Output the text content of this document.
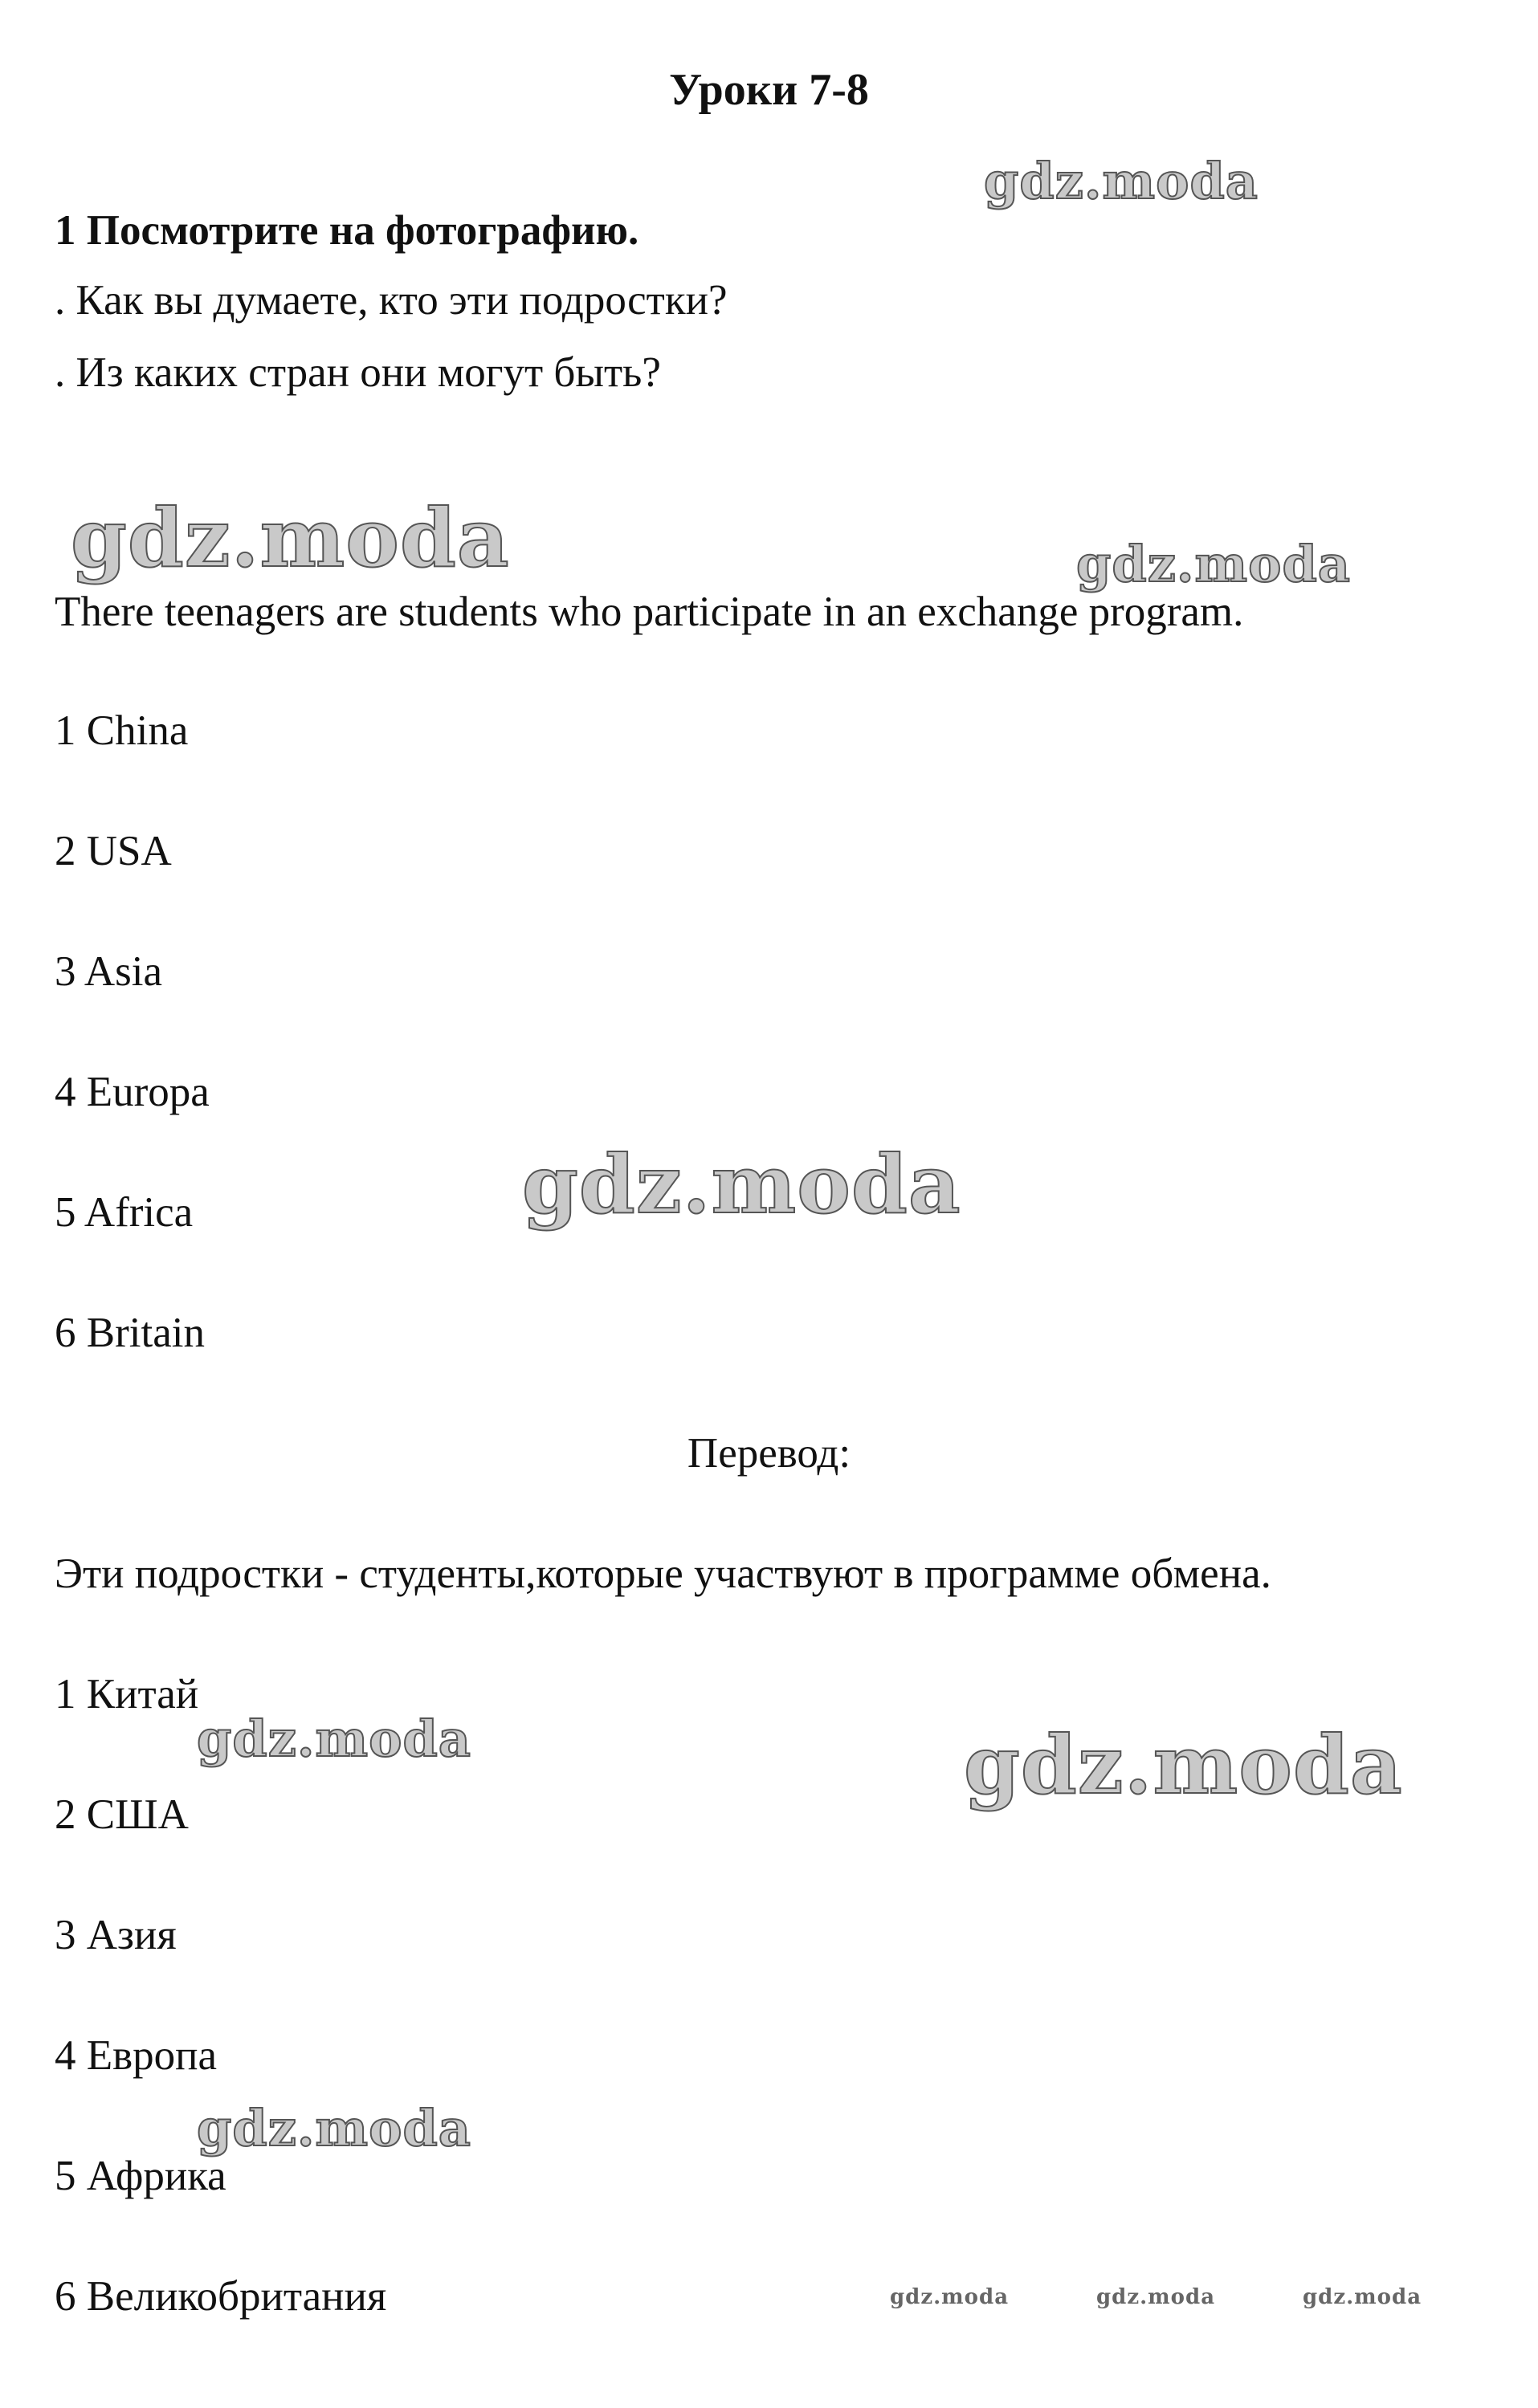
Уроки 7-8
1 Посмотрите на фотографию.
. Как вы думаете, кто эти подростки?
. Из каких стран они могут быть?
There teenagers are students who participate in an exchange program.
1 China
2 USA
3 Asia
4 Europa
5 Africa
6 Britain
Перевод:
Эти подростки - студенты,которые участвуют в программе обмена.
1 Китай
2 США
3 Азия
4 Европа
5 Африка
6 Великобритания
gdz.moda
gdz.moda	gdz.moda
gdz.moda
gdz.moda	gdz.moda
gdz.moda
gdz.moda	gdz.moda	gdz.moda
